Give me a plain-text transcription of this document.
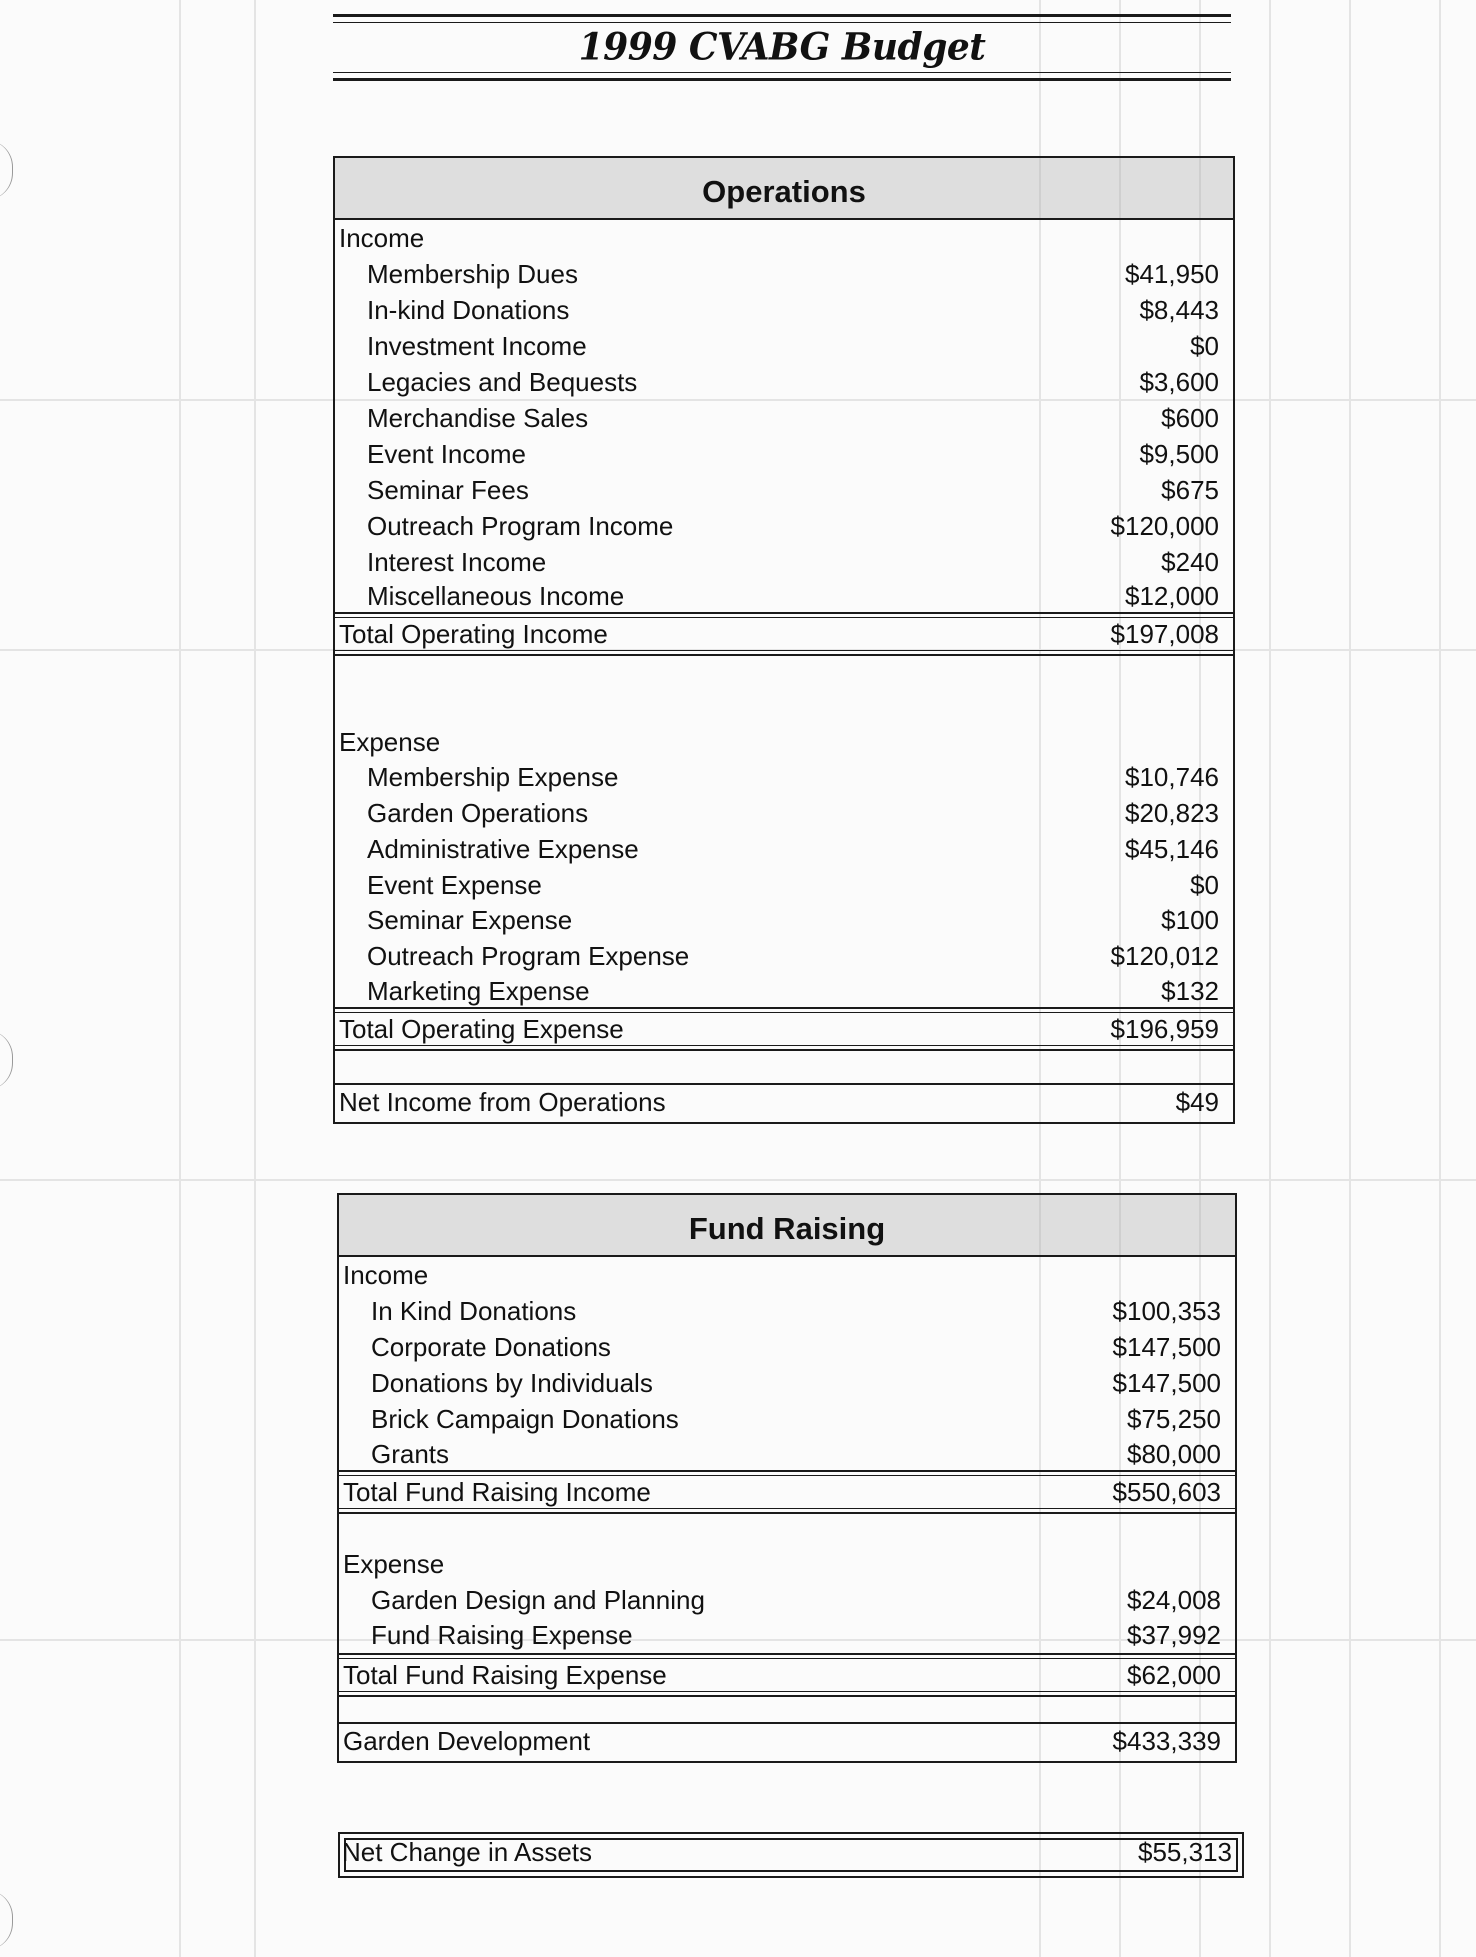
1999 CVABG Budget
Operations
Income
Membership Dues	$41,950
In-kind Donations	$8,443
Investment Income	$0
Legacies and Bequests	$3,600
Merchandise Sales	$600
Event Income	$9,500
Seminar Fees	$675
Outreach Program Income	$120,000
Interest Income	$240
Miscellaneous Income	$12,000
Total Operating Income	$197,008
Expense
Membership Expense	$10,746
Garden Operations	$20,823
Administrative Expense	$45,146
Event Expense	$0
Seminar Expense	$100
Outreach Program Expense	$120,012
Marketing Expense	$132
Total Operating Expense	$196,959
Net Income from Operations	$49
Fund Raising
Income
In Kind Donations	$100,353
Corporate Donations	$147,500
Donations by Individuals	$147,500
Brick Campaign Donations	$75,250
Grants	$80,000
Total Fund Raising Income	$550,603
Expense
Garden Design and Planning	$24,008
Fund Raising Expense	$37,992
Total Fund Raising Expense	$62,000
Garden Development	$433,339
Net Change in Assets	$55,313
